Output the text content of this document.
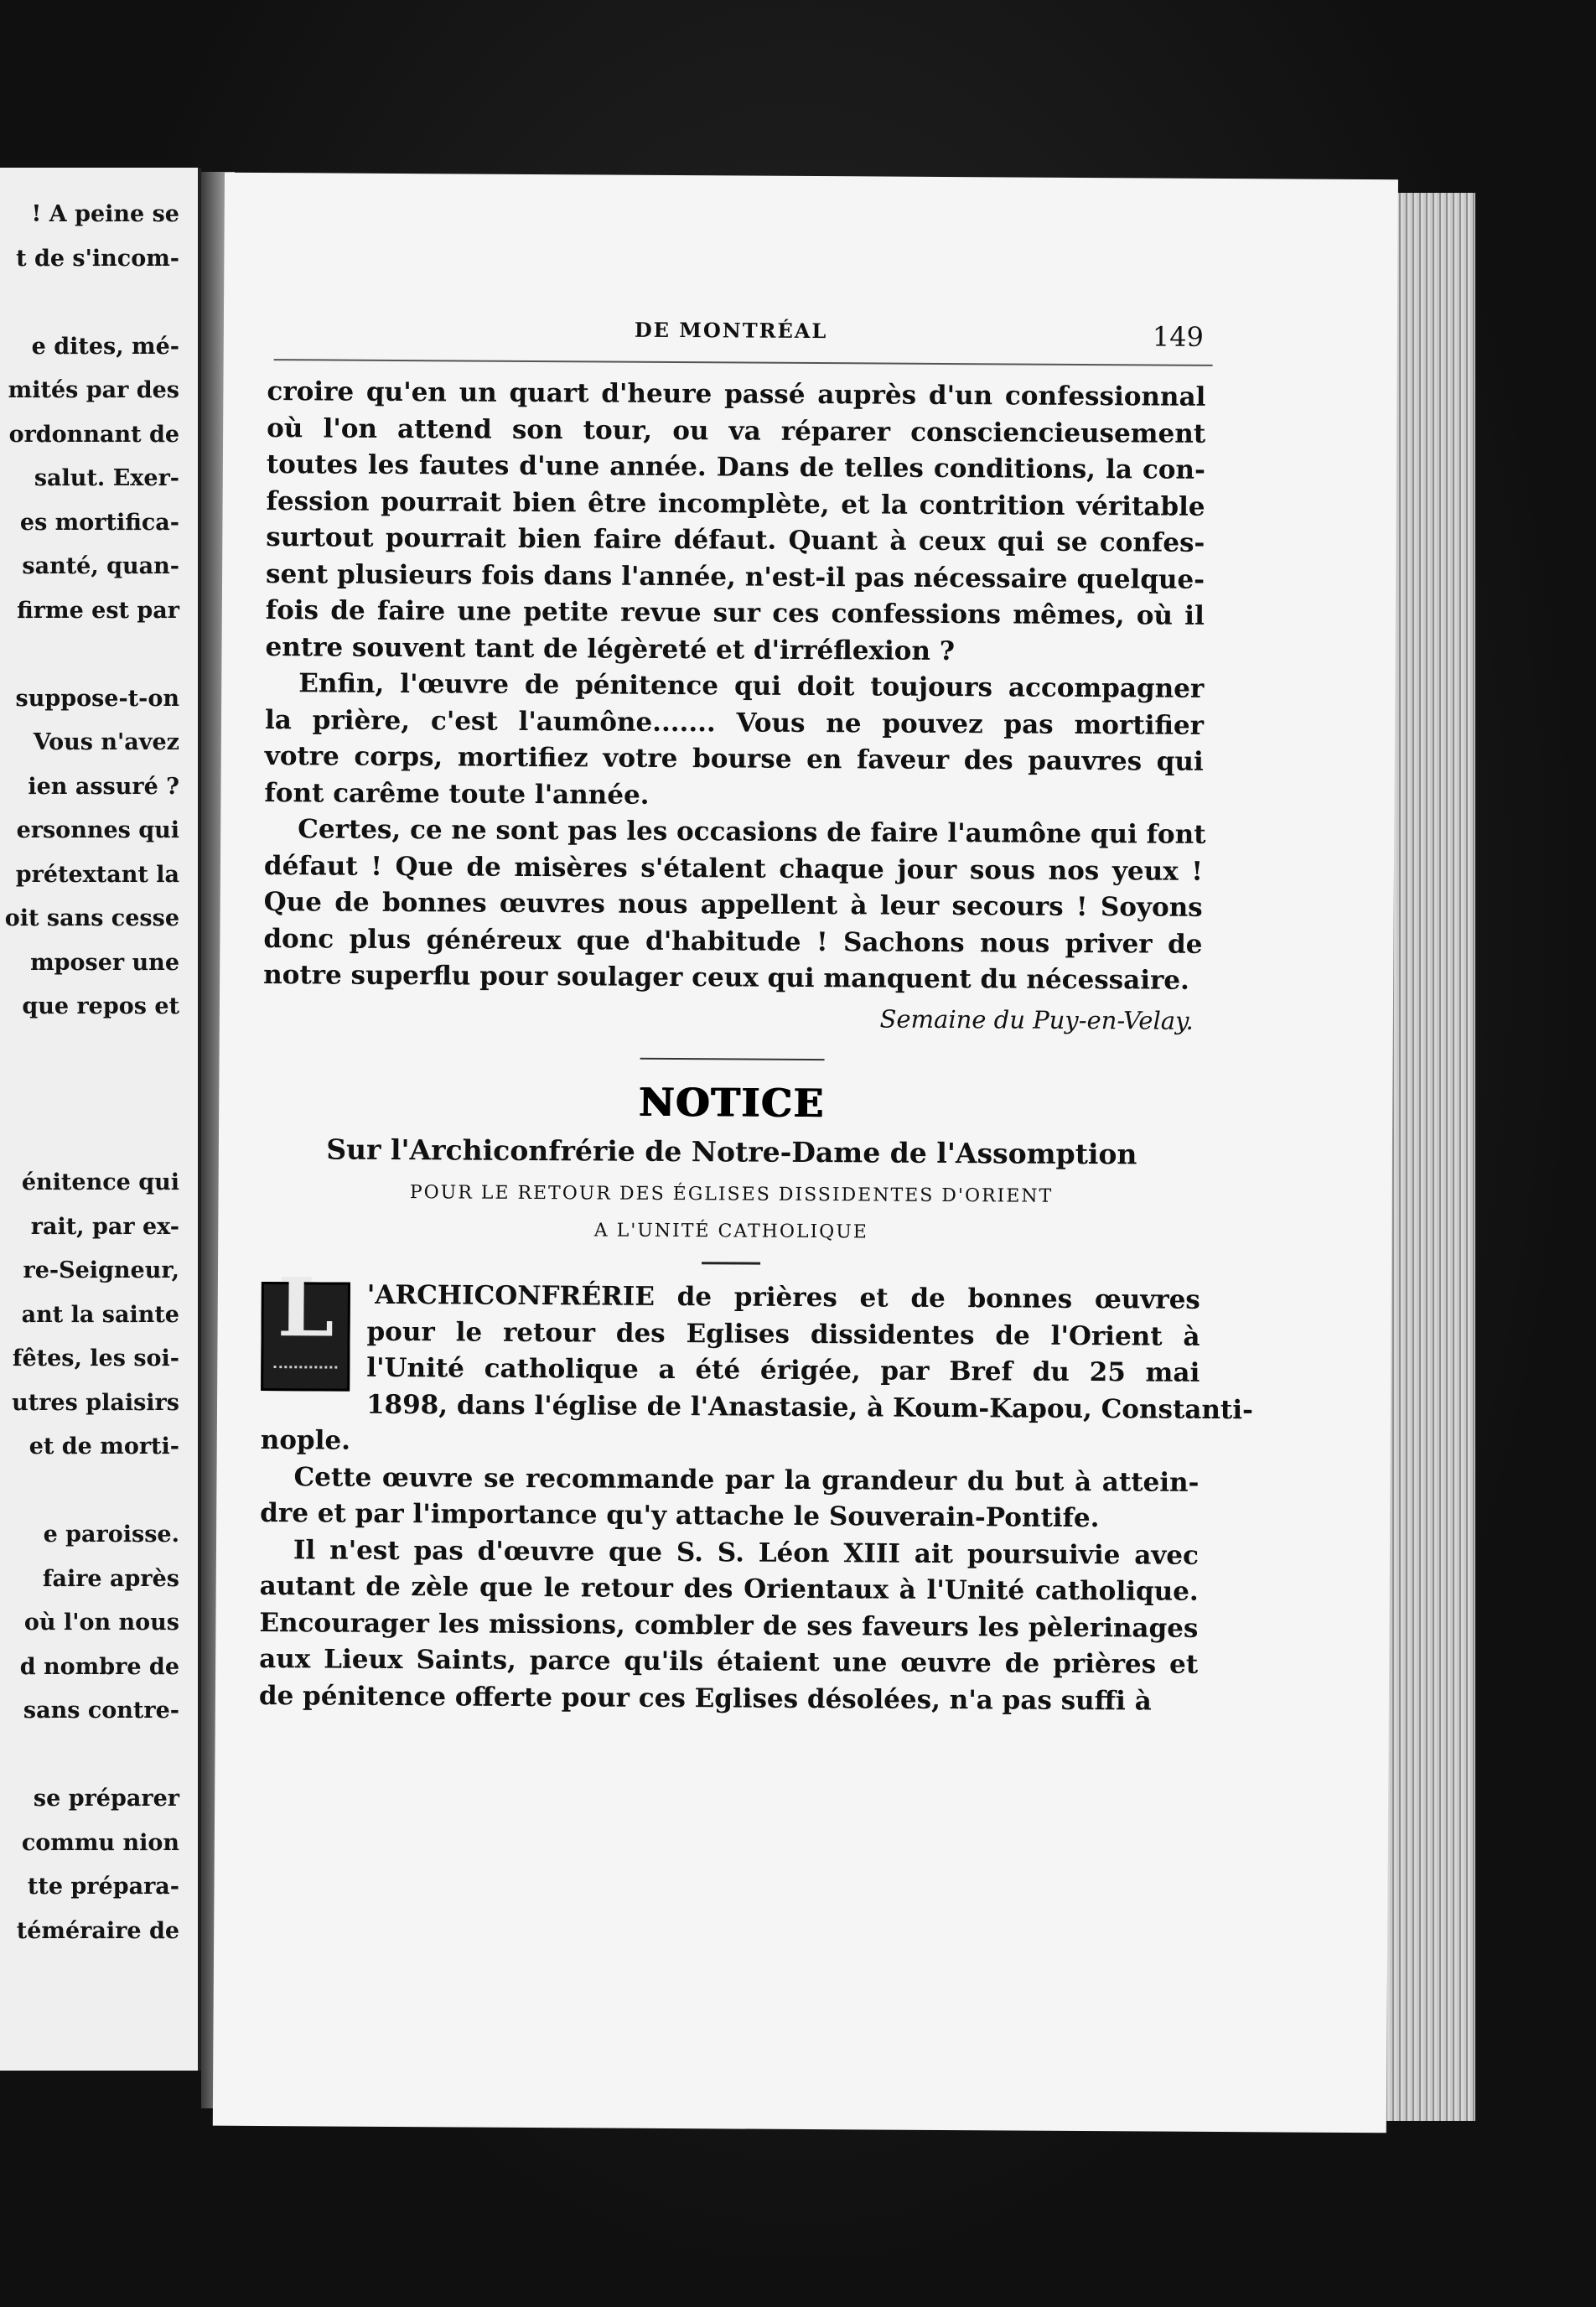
! A peine se
t de s'incom-
e dites, mé-
mités par des
ordonnant de
salut. Exer-
es mortifica-
santé, quan-
firme est par
suppose-t-on
Vous n'avez
ien assuré ?
ersonnes qui
prétextant la
oit sans cesse
mposer une
que repos et
énitence qui
rait, par ex-
re-Seigneur,
ant la sainte
fêtes, les soi-
utres plaisirs
et de morti-
e paroisse.
faire après
où l'on nous
d nombre de
sans contre-
se préparer
commu nion
tte prépara-
téméraire de
DE MONTRÉAL	149

croire qu'en un quart d'heure passé auprès d'un confessionnal
où l'on attend son tour, ou va réparer consciencieusement
toutes les fautes d'une année. Dans de telles conditions, la con-
fession pourrait bien être incomplète, et la contrition véritable
surtout pourrait bien faire défaut. Quant à ceux qui se confes-
sent plusieurs fois dans l'année, n'est-il pas nécessaire quelque-
fois de faire une petite revue sur ces confessions mêmes, où il
entre souvent tant de légèreté et d'irréflexion ?

Enfin, l'œuvre de pénitence qui doit toujours accompagner
la prière, c'est l'aumône....... Vous ne pouvez pas mortifier
votre corps, mortifiez votre bourse en faveur des pauvres qui
font carême toute l'année.

Certes, ce ne sont pas les occasions de faire l'aumône qui font
défaut ! Que de misères s'étalent chaque jour sous nos yeux !
Que de bonnes œuvres nous appellent à leur secours ! Soyons
donc plus généreux que d'habitude ! Sachons nous priver de
notre superflu pour soulager ceux qui manquent du nécessaire.

Semaine du Puy-en-Velay.
NOTICE
Sur l'Archiconfrérie de Notre-Dame de l'Assomption
POUR LE RETOUR DES ÉGLISES DISSIDENTES D'ORIENT
A L'UNITÉ CATHOLIQUE
L	'ARCHICONFRÉRIE de prières et de bonnes œuvres
pour le retour des Eglises dissidentes de l'Orient à
l'Unité catholique a été érigée, par Bref du 25 mai
1898, dans l'église de l'Anastasie, à Koum-Kapou, Constanti-
nople.

Cette œuvre se recommande par la grandeur du but à attein-
dre et par l'importance qu'y attache le Souverain-Pontife.

Il n'est pas d'œuvre que S. S. Léon XIII ait poursuivie avec
autant de zèle que le retour des Orientaux à l'Unité catholique.
Encourager les missions, combler de ses faveurs les pèlerinages
aux Lieux Saints, parce qu'ils étaient une œuvre de prières et
de pénitence offerte pour ces Eglises désolées, n'a pas suffi à
